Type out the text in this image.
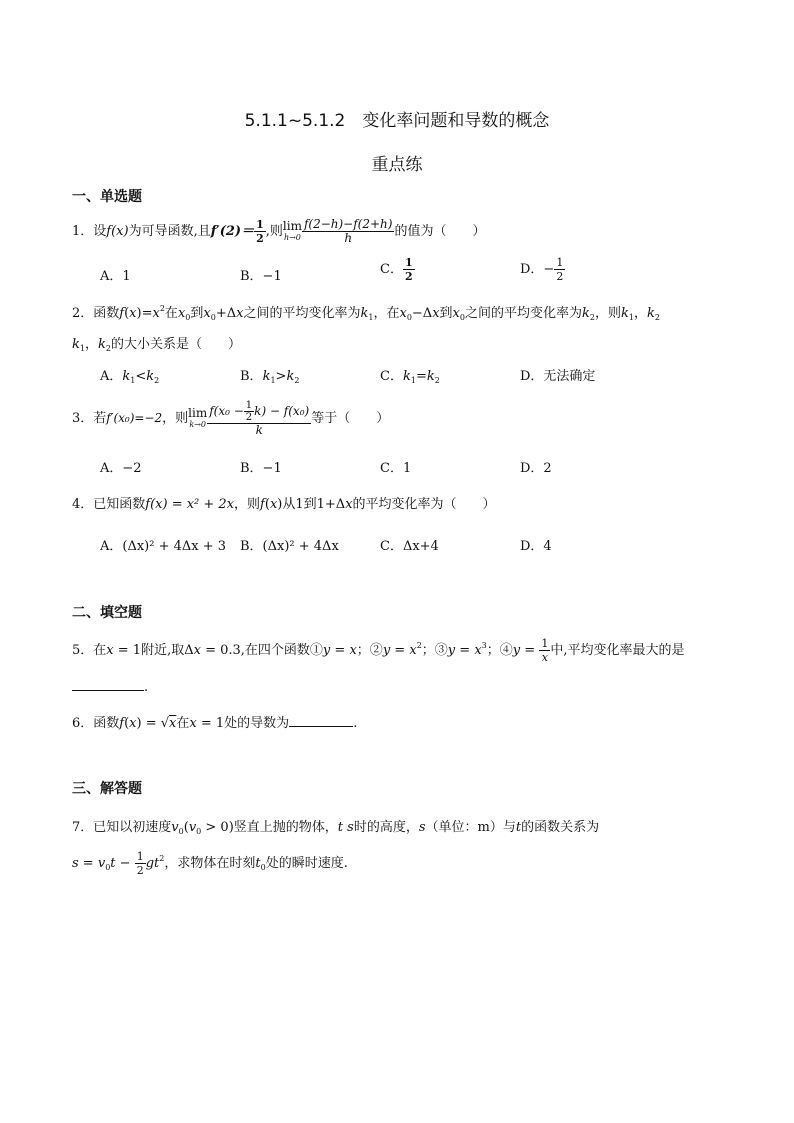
5.1.1~5.1.2　变化率问题和导数的概念
重点练
一、单选题
1．设f(x)为可导函数,且$f'(2)= \frac{1}{2}$ ,则 lim
$h\to 0 \frac{f(2-h)-f(2+h)}{h}$ 的值为（　　）
A．1	B．−1	C． $\frac{1}{2}$	D．− $\frac{1}{2}$
2．函数$f(x)=x^2$在$x_0$到$x_0+\Delta x$之间的平均变化率为$k_1$，在$x_0-\Delta x$到$x_0$之间的平均变化率为$k_2$，则$k_1$，$k_2$
$k_1$，$k_2$的大小关系是（　　）
A．$k_1<k_2$	B．$k_1>k_2$	C．$k_1=k_2$	D．无法确定
3．若f′(x₀)=−2，则 lim
$k\to 0 \frac{f(x_0 - \frac{1}{2} k) - f(x_0)}{k}$ 等于（　　）
A．−2	B．−1	C．1	D．2
4．已知函数f(x) = x² + 2x，则f(x)从1到1+Δx的平均变化率为（　　）
A．(Δx)² + 4Δx + 3 B．(Δx)² + 4Δx	C．Δx+4	D．4
二、填空题
5．在x = 1附近,取Δx = 0.3,在四个函数①y = x；②y = $x^2$；③y = $x^3$；④y = $\frac{1}{x}$ 中,平均变化率最大的是
.
6．函数f(x) = √x在x = 1处的导数为	.
三、解答题
7．已知以初速度$v_0(v_0 > 0)$竖直上抛的物体，t s时的高度，s（单位：m）与t的函数关系为
$s = v_0t - \frac{1}{2} gt^2$，求物体在时刻$t_0$处的瞬时速度.
